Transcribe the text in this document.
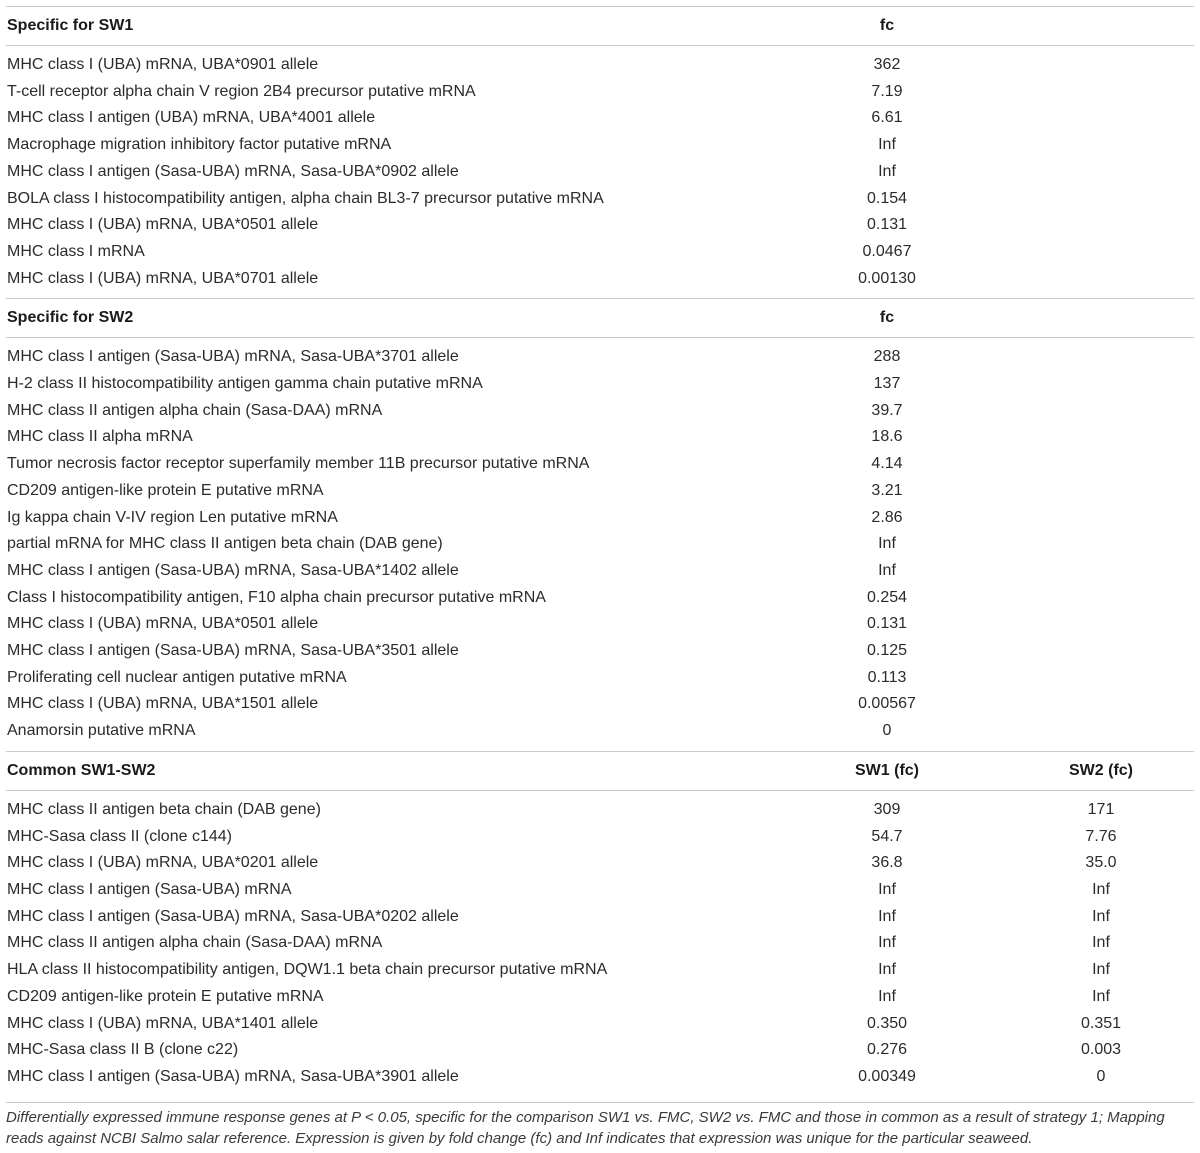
Specific for SW1	fc	

MHC class I (UBA) mRNA, UBA*0901 allele	362	
T-cell receptor alpha chain V region 2B4 precursor putative mRNA	7.19	
MHC class I antigen (UBA) mRNA, UBA*4001 allele	6.61	
Macrophage migration inhibitory factor putative mRNA	Inf	
MHC class I antigen (Sasa-UBA) mRNA, Sasa-UBA*0902 allele	Inf	
BOLA class I histocompatibility antigen, alpha chain BL3-7 precursor putative mRNA	0.154	
MHC class I (UBA) mRNA, UBA*0501 allele	0.131	
MHC class I mRNA	0.0467	
MHC class I (UBA) mRNA, UBA*0701 allele	0.00130	

Specific for SW2	fc	

MHC class I antigen (Sasa-UBA) mRNA, Sasa-UBA*3701 allele	288	
H-2 class II histocompatibility antigen gamma chain putative mRNA	137	
MHC class II antigen alpha chain (Sasa-DAA) mRNA	39.7	
MHC class II alpha mRNA	18.6	
Tumor necrosis factor receptor superfamily member 11B precursor putative mRNA	4.14	
CD209 antigen-like protein E putative mRNA	3.21	
Ig kappa chain V-IV region Len putative mRNA	2.86	
partial mRNA for MHC class II antigen beta chain (DAB gene)	Inf	
MHC class I antigen (Sasa-UBA) mRNA, Sasa-UBA*1402 allele	Inf	
Class I histocompatibility antigen, F10 alpha chain precursor putative mRNA	0.254	
MHC class I (UBA) mRNA, UBA*0501 allele	0.131	
MHC class I antigen (Sasa-UBA) mRNA, Sasa-UBA*3501 allele	0.125	
Proliferating cell nuclear antigen putative mRNA	0.113	
MHC class I (UBA) mRNA, UBA*1501 allele	0.00567	
Anamorsin putative mRNA	0	

Common SW1-SW2	SW1 (fc)	SW2 (fc)

MHC class II antigen beta chain (DAB gene)	309	171
MHC-Sasa class II (clone c144)	54.7	7.76
MHC class I (UBA) mRNA, UBA*0201 allele	36.8	35.0
MHC class I antigen (Sasa-UBA) mRNA	Inf	Inf
MHC class I antigen (Sasa-UBA) mRNA, Sasa-UBA*0202 allele	Inf	Inf
MHC class II antigen alpha chain (Sasa-DAA) mRNA	Inf	Inf
HLA class II histocompatibility antigen, DQW1.1 beta chain precursor putative mRNA	Inf	Inf
CD209 antigen-like protein E putative mRNA	Inf	Inf
MHC class I (UBA) mRNA, UBA*1401 allele	0.350	0.351
MHC-Sasa class II B (clone c22)	0.276	0.003
MHC class I antigen (Sasa-UBA) mRNA, Sasa-UBA*3901 allele	0.00349	0

Differentially expressed immune response genes at P < 0.05, specific for the comparison SW1 vs. FMC, SW2 vs. FMC and those in common as a result of strategy 1; Mapping reads against NCBI Salmo salar reference. Expression is given by fold change (fc) and Inf indicates that expression was unique for the particular seaweed.
